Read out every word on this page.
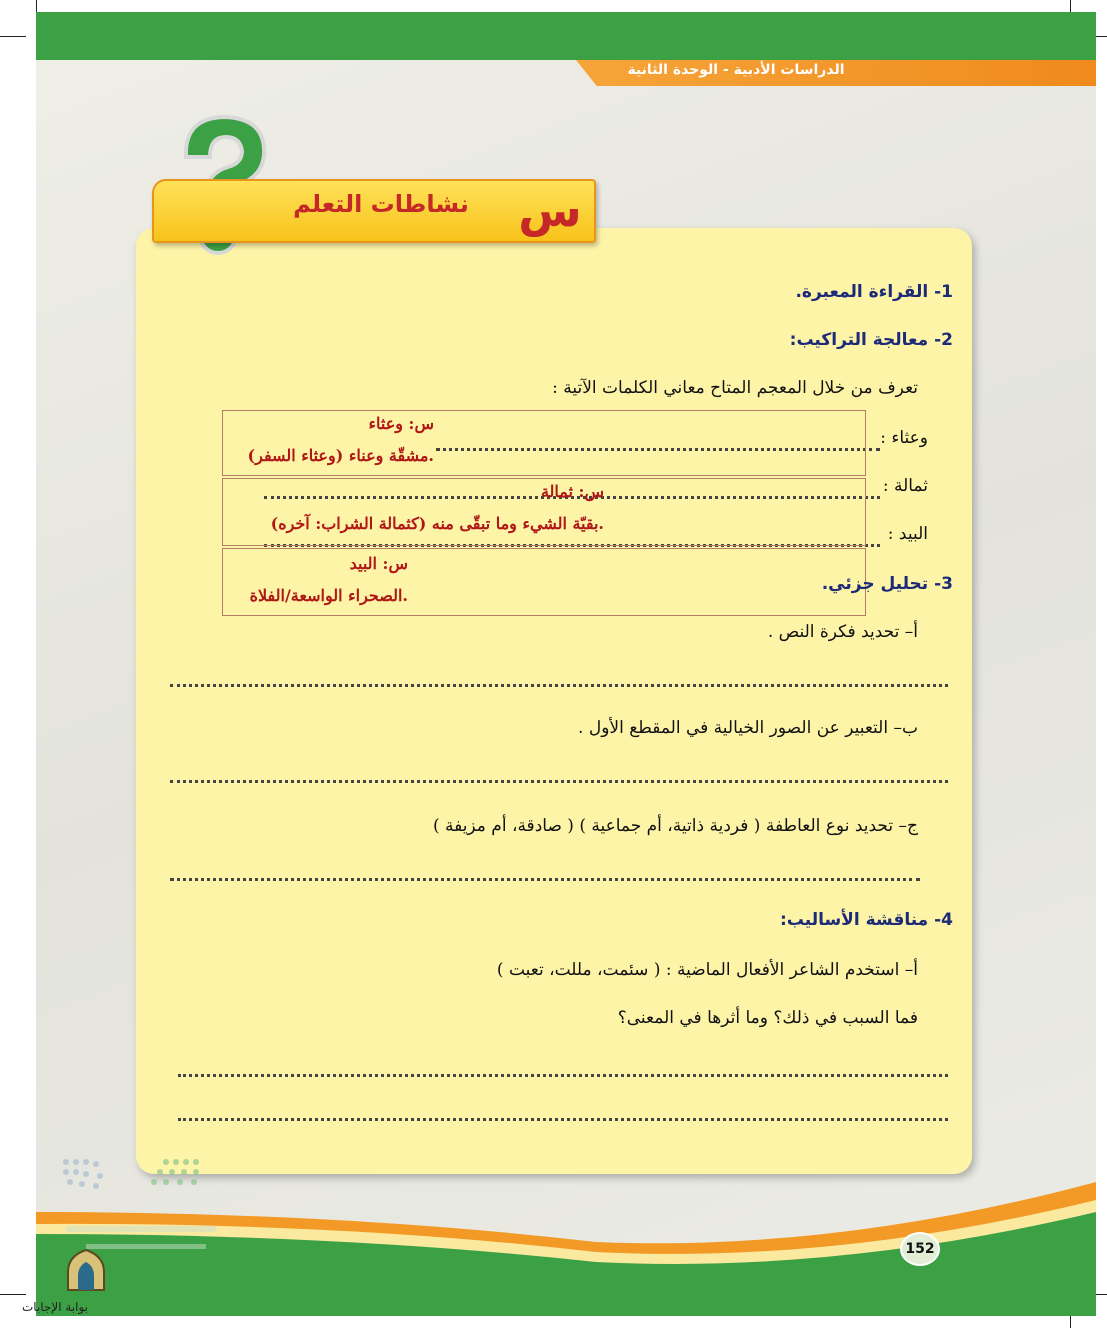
الدراسات الأدبية - الوحدة الثانية
نشاطات التعلم	س
1- القراءة المعبرة.
2- معالجة التراكيب:
تعرف من خلال المعجم المتاح معاني الكلمات الآتية :
وعثاء :
ثمالة :
البيد :
س: وعثاء
.مشقّة وعناء (وعثاء السفر)
س: ثمالة
.بقيّة الشيء وما تبقّى منه (كثمالة الشراب: آخره)
س: البيد
.الصحراء الواسعة/الفلاة
3- تحليل جزئي.
أ– تحديد فكرة النص .
ب– التعبير عن الصور الخيالية في المقطع الأول .
ج– تحديد نوع العاطفة ( فردية ذاتية، أم جماعية ) ( صادقة، أم مزيفة )
4- مناقشة الأساليب:
أ– استخدم الشاعر الأفعال الماضية : ( سئمت، مللت، تعبت )
فما السبب في ذلك؟ وما أثرها في المعنى؟
152
بوابة الإجابات
